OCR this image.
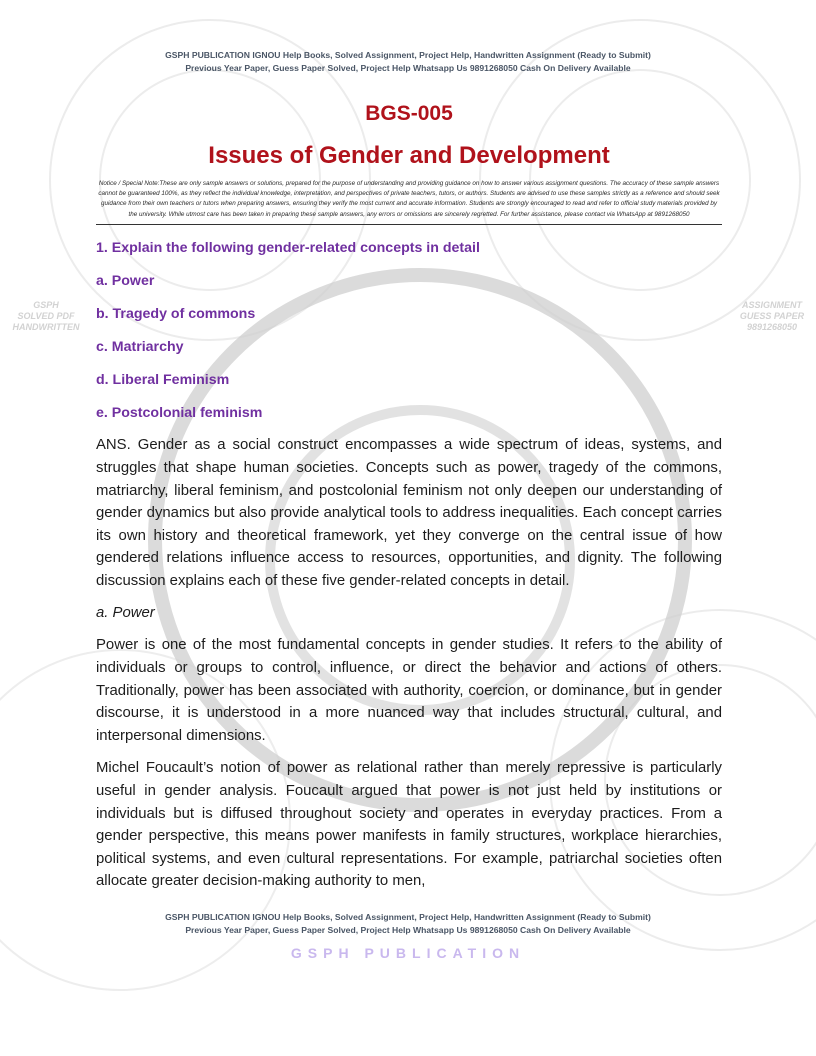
GSPH
SOLVED PDF
HANDWRITTEN
ASSIGNMENT
GUESS PAPER
9891268050
GSPH PUBLICATION IGNOU Help Books, Solved Assignment, Project Help, Handwritten Assignment (Ready to Submit)
Previous Year Paper, Guess Paper Solved, Project Help Whatsapp Us 9891268050 Cash On Delivery Available
BGS-005
Issues of Gender and Development
Notice / Special Note:These are only sample answers or solutions, prepared for the purpose of understanding and providing guidance on how to answer various assignment questions. The accuracy of these sample answers cannot be guaranteed 100%, as they reflect the individual knowledge, interpretation, and perspectives of private teachers, tutors, or authors. Students are advised to use these samples strictly as a reference and should seek guidance from their own teachers or tutors when preparing answers, ensuring they verify the most current and accurate information. Students are strongly encouraged to read and refer to official study materials provided by the university. While utmost care has been taken in preparing these sample answers, any errors or omissions are sincerely regretted. For further assistance, please contact via WhatsApp at 9891268050
1. Explain the following gender-related concepts in detail
a. Power
b. Tragedy of commons
c. Matriarchy
d. Liberal Feminism
e. Postcolonial feminism
ANS. Gender as a social construct encompasses a wide spectrum of ideas, systems, and struggles that shape human societies. Concepts such as power, tragedy of the commons, matriarchy, liberal feminism, and postcolonial feminism not only deepen our understanding of gender dynamics but also provide analytical tools to address inequalities. Each concept carries its own history and theoretical framework, yet they converge on the central issue of how gendered relations influence access to resources, opportunities, and dignity. The following discussion explains each of these five gender-related concepts in detail.
a. Power
Power is one of the most fundamental concepts in gender studies. It refers to the ability of individuals or groups to control, influence, or direct the behavior and actions of others. Traditionally, power has been associated with authority, coercion, or dominance, but in gender discourse, it is understood in a more nuanced way that includes structural, cultural, and interpersonal dimensions.
Michel Foucault’s notion of power as relational rather than merely repressive is particularly useful in gender analysis. Foucault argued that power is not just held by institutions or individuals but is diffused throughout society and operates in everyday practices. From a gender perspective, this means power manifests in family structures, workplace hierarchies, political systems, and even cultural representations. For example, patriarchal societies often allocate greater decision-making authority to men,
GSPH PUBLICATION IGNOU Help Books, Solved Assignment, Project Help, Handwritten Assignment (Ready to Submit)
Previous Year Paper, Guess Paper Solved, Project Help Whatsapp Us 9891268050 Cash On Delivery Available
GSPH PUBLICATION
